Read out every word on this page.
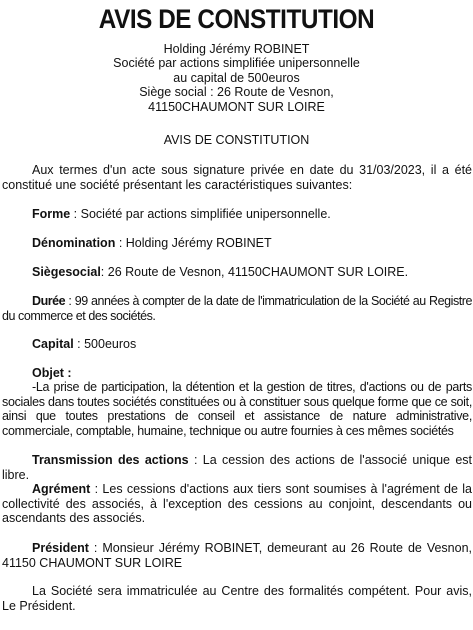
AVIS DE CONSTITUTION
Holding Jérémy ROBINET
Société par actions simplifiée unipersonnelle
au capital de 500euros
Siège social : 26 Route de Vesnon,
41150CHAUMONT SUR LOIRE
AVIS DE CONSTITUTION

Aux termes d'un acte sous signature privée en date du 31/03/2023, il a été constitué une société présentant les caractéristiques suivantes:

Forme : Société par actions simplifiée unipersonnelle.

Dénomination : Holding Jérémy ROBINET

Siègesocial: 26 Route de Vesnon, 41150CHAUMONT SUR LOIRE.

Durée : 99 années à compter de la date de l'immatriculation de la Société au Registre du commerce et des sociétés.

Capital : 500euros

Objet :

-La prise de participation, la détention et la gestion de titres, d'actions ou de parts sociales dans toutes sociétés constituées ou à constituer sous quelque forme que ce soit, ainsi que toutes prestations de conseil et assistance de nature administrative, commerciale, comptable, humaine, technique ou autre fournies à ces mêmes sociétés

Transmission des actions : La cession des actions de l'associé unique est libre.

Agrément : Les cessions d'actions aux tiers sont soumises à l'agrément de la collectivité des associés, à l'exception des cessions au conjoint, descendants ou ascendants des associés.

Président : Monsieur Jérémy ROBINET, demeurant au 26 Route de Vesnon, 41150 CHAUMONT SUR LOIRE

La Société sera immatriculée au Centre des formalités compétent. Pour avis, Le Président.
